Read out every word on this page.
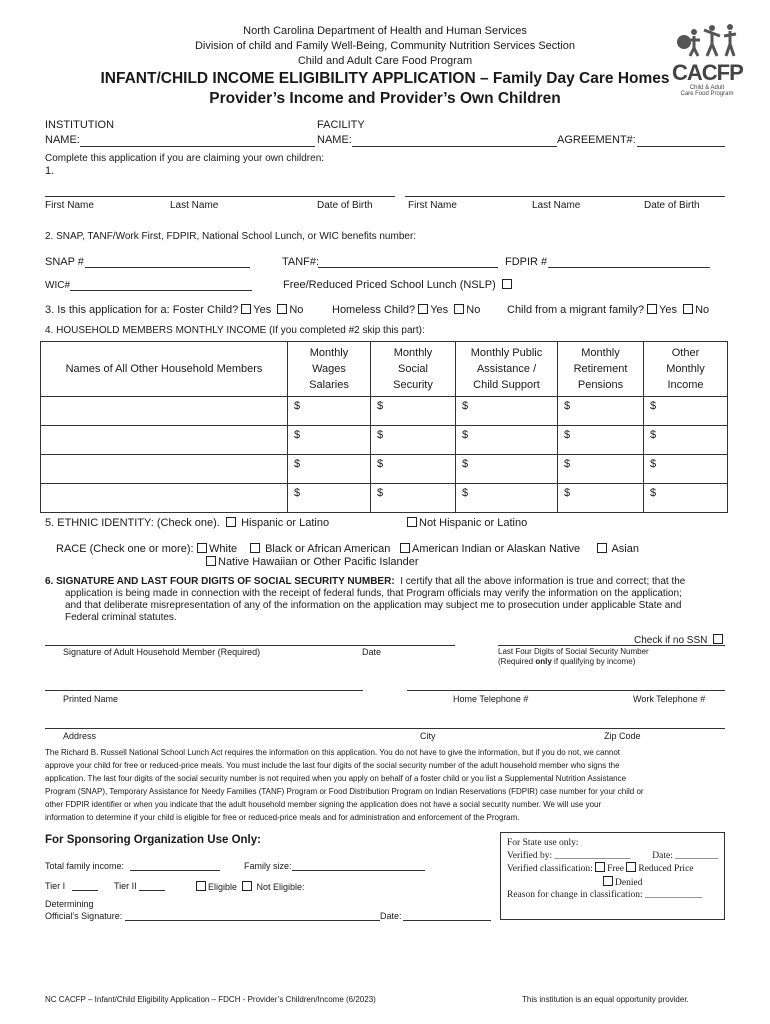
North Carolina Department of Health and Human Services
Division of child and Family Well-Being, Community Nutrition Services Section
Child and Adult Care Food Program
INFANT/CHILD INCOME ELIGIBILITY APPLICATION – Family Day Care Homes
Provider’s Income and Provider’s Own Children
CACFP
Child & Adult
Care Food Program
INSTITUTION
NAME:
FACILITY
NAME:	AGREEMENT#:
Complete this application if you are claiming your own children:
1.
First Name	Last Name	Date of Birth	First Name	Last Name	Date of Birth
2. SNAP, TANF/Work First, FDPIR, National School Lunch, or WIC benefits number:
SNAP #	TANF#:	FDPIR #
WIC#	Free/Reduced Priced School Lunch (NSLP)
3. Is this application for a: Foster Child? Yes No	Homeless Child? Yes No Child from a migrant family? Yes No
4. HOUSEHOLD MEMBERS MONTHLY INCOME (If you completed #2 skip this part):
Names of All Other Household Members	Monthly
Wages
Salaries	Monthly
Social
Security	Monthly Public
Assistance /
Child Support	Monthly
Retirement
Pensions	Other
Monthly
Income
	$	$	$	$	$
	$	$	$	$	$
	$	$	$	$	$
	$	$	$	$	$
5. ETHNIC IDENTITY: (Check one).	Hispanic or Latino	Not Hispanic or Latino
RACE (Check one or more):	White	Black or African American	American Indian or Alaskan Native	Asian
Native Hawaiian or Other Pacific Islander
6. SIGNATURE AND LAST FOUR DIGITS OF SOCIAL SECURITY NUMBER: I certify that all the above information is true and correct; that the
application is being made in connection with the receipt of federal funds, that Program officials may verify the information on the application;
and that deliberate misrepresentation of any of the information on the application may subject me to prosecution under applicable State and
Federal criminal statutes.
Check if no SSN
Signature of Adult Household Member (Required)	Date	Last Four Digits of Social Security Number
(Required only if qualifying by income)
Printed Name	Home Telephone #	Work Telephone #
Address	City	Zip Code
The Richard B. Russell National School Lunch Act requires the information on this application. You do not have to give the information, but if you do not, we cannot
approve your child for free or reduced-price meals. You must include the last four digits of the social security number of the adult household member who signs the
application. The last four digits of the social security number is not required when you apply on behalf of a foster child or you list a Supplemental Nutrition Assistance
Program (SNAP), Temporary Assistance for Needy Families (TANF) Program or Food Distribution Program on Indian Reservations (FDPIR) case number for your child or
other FDPIR identifier or when you indicate that the adult household member signing the application does not have a social security number. We will use your
information to determine if your child is eligible for free or reduced-price meals and for administration and enforcement of the Program.
For Sponsoring Organization Use Only:
Total family income:	Family size:
Tier I	Tier II	Eligible	Not Eligible:
Determining
Official’s Signature:	Date:
For State use only:
Verified by: ________________ Date: _________
Verified classification: Free Reduced Price
Denied
Reason for change in classification: ____________
NC CACFP – Infant/Child Eligibility Application – FDCH - Provider’s Children/Income (6/2023)	This institution is an equal opportunity provider.
